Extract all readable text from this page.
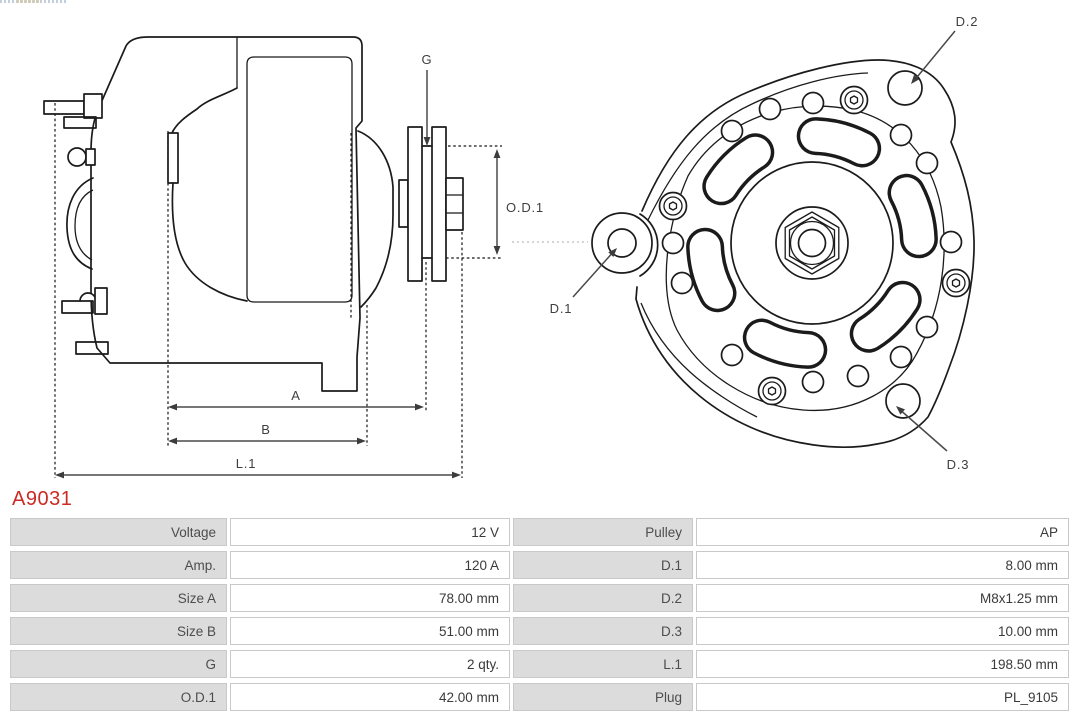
G
O.D.1
A
B
L.1
D.2
D.1
D.3
A9031
Voltage	12 V	Pulley	AP
Amp.	120 A	D.1	8.00 mm
Size A	78.00 mm	D.2	M8x1.25 mm
Size B	51.00 mm	D.3	10.00 mm
G	2 qty.	L.1	198.50 mm
O.D.1	42.00 mm	Plug	PL_9105
